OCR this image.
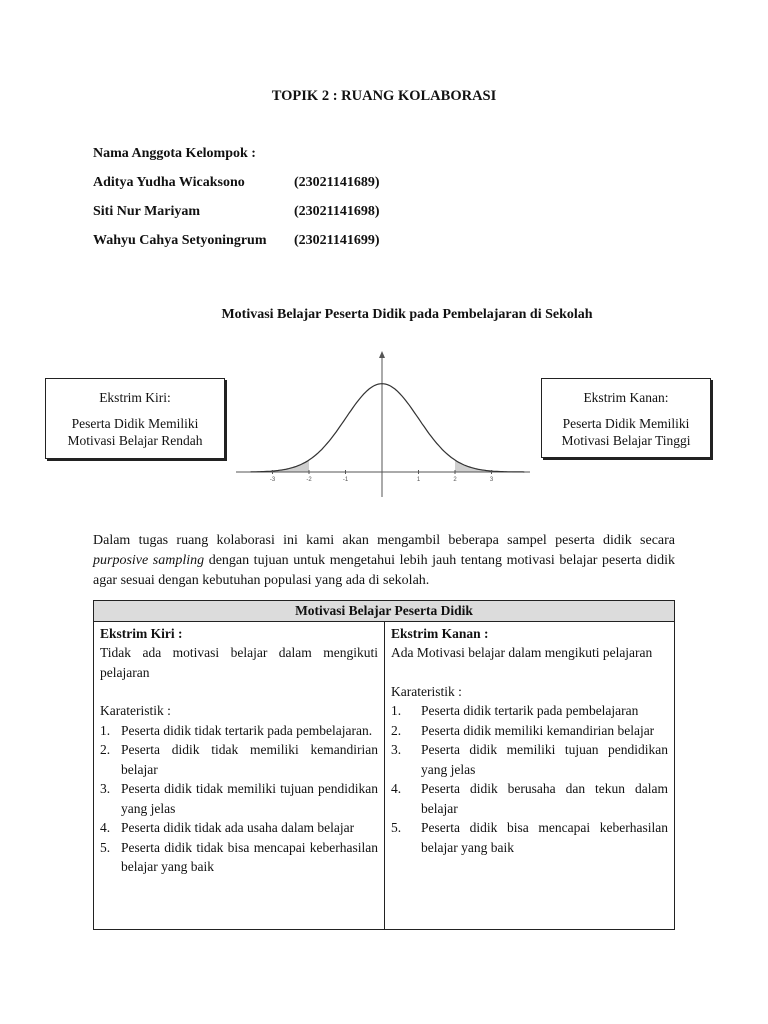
TOPIK 2 : RUANG KOLABORASI
Nama Anggota Kelompok :
Aditya Yudha Wicaksono	(23021141689)
Siti Nur Mariyam	(23021141698)
Wahyu Cahya Setyoningrum (23021141699)
Motivasi Belajar Peserta Didik pada Pembelajaran di Sekolah
Ekstrim Kiri:
Peserta Didik Memiliki
Motivasi Belajar Rendah
Ekstrim Kanan:
Peserta Didik Memiliki
Motivasi Belajar Tinggi
-3	-2	-1	1	2	3
Dalam tugas ruang kolaborasi ini kami akan mengambil beberapa sampel peserta didik secara purposive sampling dengan tujuan untuk mengetahui lebih jauh tentang motivasi belajar peserta didik agar sesuai dengan kebutuhan populasi yang ada di sekolah.
Motivasi Belajar Peserta Didik

Ekstrim Kiri :
Tidak ada motivasi belajar dalam mengikuti pelajaran
Karateristik :
1. Peserta didik tidak tertarik pada pembelajaran.
2. Peserta didik tidak memiliki kemandirian belajar
3. Peserta didik tidak memiliki tujuan pendidikan yang jelas
4. Peserta didik tidak ada usaha dalam belajar
5. Peserta didik tidak bisa mencapai keberhasilan belajar yang baik

Ekstrim Kanan :
Ada Motivasi belajar dalam mengikuti pelajaran
Karateristik :
1. Peserta didik tertarik pada pembelajaran
2. Peserta didik memiliki kemandirian belajar
3. Peserta didik memiliki tujuan pendidikan yang jelas
4. Peserta didik berusaha dan tekun dalam belajar
5. Peserta didik bisa mencapai keberhasilan belajar yang baik
